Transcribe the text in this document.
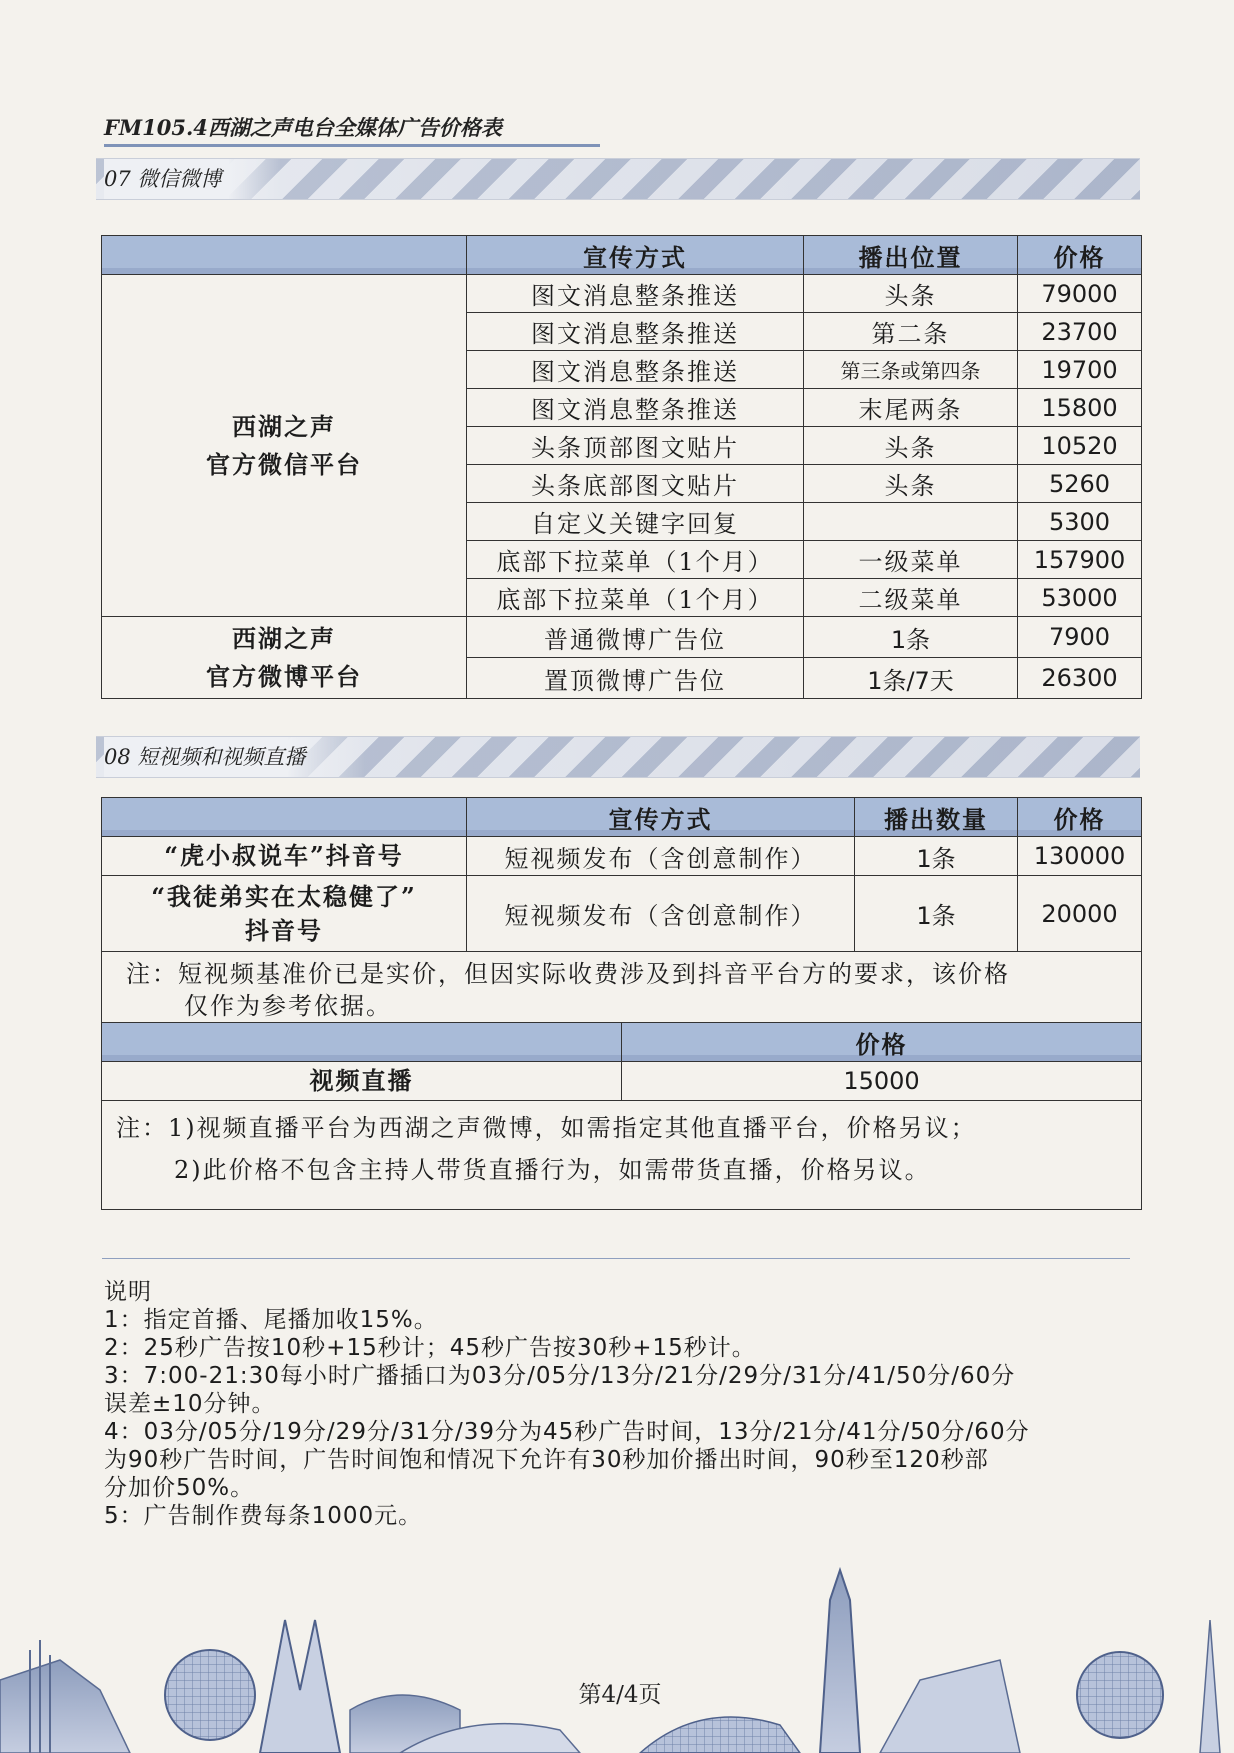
FM105.4西湖之声电台全媒体广告价格表
07 微信微博
	宣传方式	播出位置	价格

西湖之声
官方微信平台	图文消息整条推送	头条	79000
	图文消息整条推送	第二条	23700
	图文消息整条推送	第三条或第四条	19700
	图文消息整条推送	末尾两条	15800
	头条顶部图文贴片	头条	10520
	头条底部图文贴片	头条	5260
	自定义关键字回复		5300
	底部下拉菜单（1个月）	一级菜单	157900
	底部下拉菜单（1个月）	二级菜单	53000

西湖之声
官方微博平台	普通微博广告位	1条	7900
	置顶微博广告位	1条/7天	26300
08 短视频和视频直播
	宣传方式	播出数量	价格
“虎小叔说车”抖音号	短视频发布（含创意制作）	1条	130000

“我徒弟实在太稳健了”
抖音号	短视频发布（含创意制作）	1条	20000
注：短视频基准价已是实价，但因实际收费涉及到抖音平台方的要求，该价格
仅作为参考依据。			
	价格
视频直播	15000
注：1)视频直播平台为西湖之声微博，如需指定其他直播平台，价格另议；
2)此价格不包含主持人带货直播行为，如需带货直播，价格另议。	
说明
1：指定首播、尾播加收15%。
2：25秒广告按10秒+15秒计；45秒广告按30秒+15秒计。
3：7:00-21:30每小时广播插口为03分/05分/13分/21分/29分/31分/41/50分/60分
误差±10分钟。
4：03分/05分/19分/29分/31分/39分为45秒广告时间，13分/21分/41分/50分/60分
为90秒广告时间，广告时间饱和情况下允许有30秒加价播出时间，90秒至120秒部
分加价50%。
5：广告制作费每条1000元。
第4/4页
